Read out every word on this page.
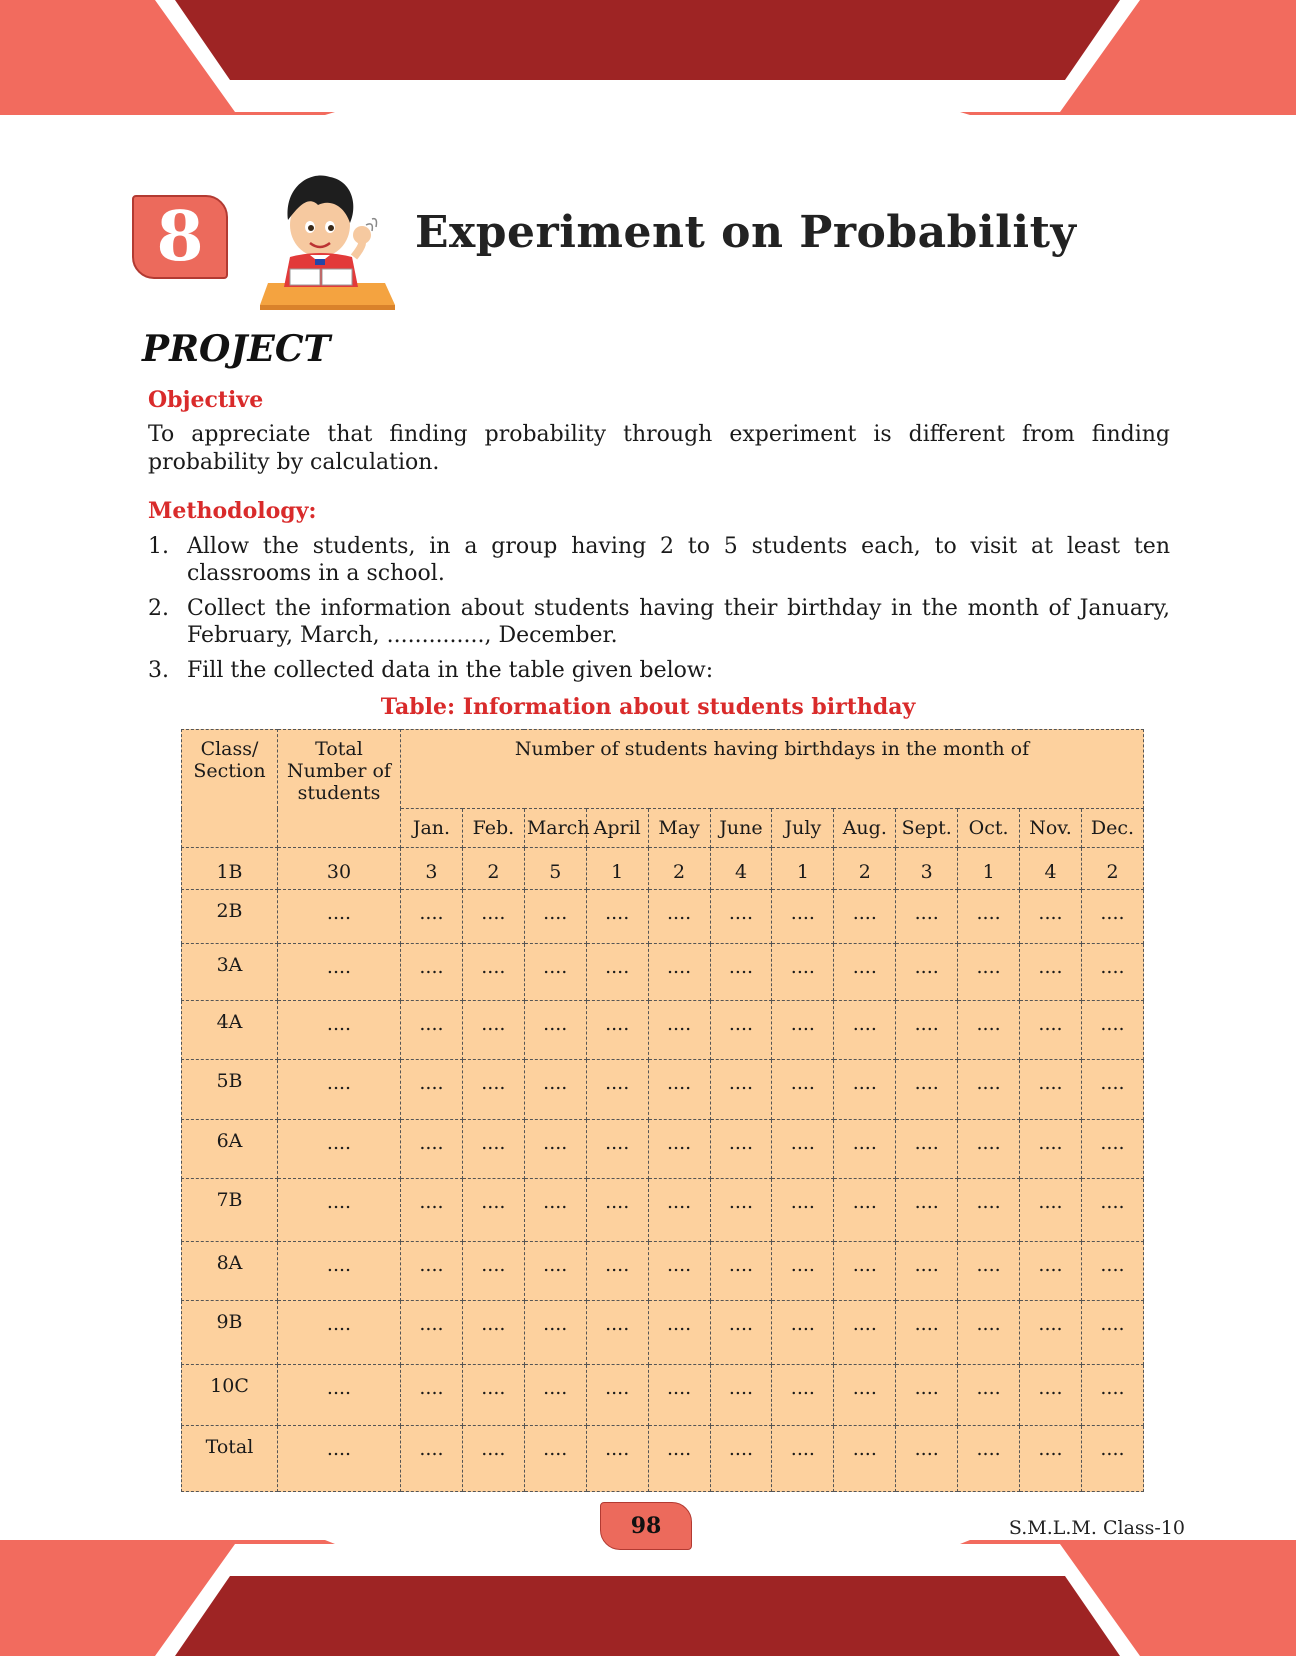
8	Experiment on Probability
PROJECT
Objective

To appreciate that finding probability through experiment is different from finding probability by calculation.

Methodology:
1. Allow the students, in a group having 2 to 5 students each, to visit at least ten classrooms in a school.
2. Collect the information about students having their birthday in the month of January, February, March, .............., December.
3. Fill the collected data in the table given below:

Table: Information about students birthday

Class/ Section	Total Number of students	Number of students having birthdays in the month of											
		Jan.	Feb.	March	April	May	June	July	Aug.	Sept.	Oct.	Nov.	Dec.
1B	30	3	2	5	1	2	4	1	2	3	1	4	2
2B	....	....	....	....	....	....	....	....	....	....	....	....	....
3A	....	....	....	....	....	....	....	....	....	....	....	....	....
4A	....	....	....	....	....	....	....	....	....	....	....	....	....
5B	....	....	....	....	....	....	....	....	....	....	....	....	....
6A	....	....	....	....	....	....	....	....	....	....	....	....	....
7B	....	....	....	....	....	....	....	....	....	....	....	....	....
8A	....	....	....	....	....	....	....	....	....	....	....	....	....
9B	....	....	....	....	....	....	....	....	....	....	....	....	....
10C	....	....	....	....	....	....	....	....	....	....	....	....	....
Total	....	....	....	....	....	....	....	....	....	....	....	....	....
98	S.M.L.M. Class-10
